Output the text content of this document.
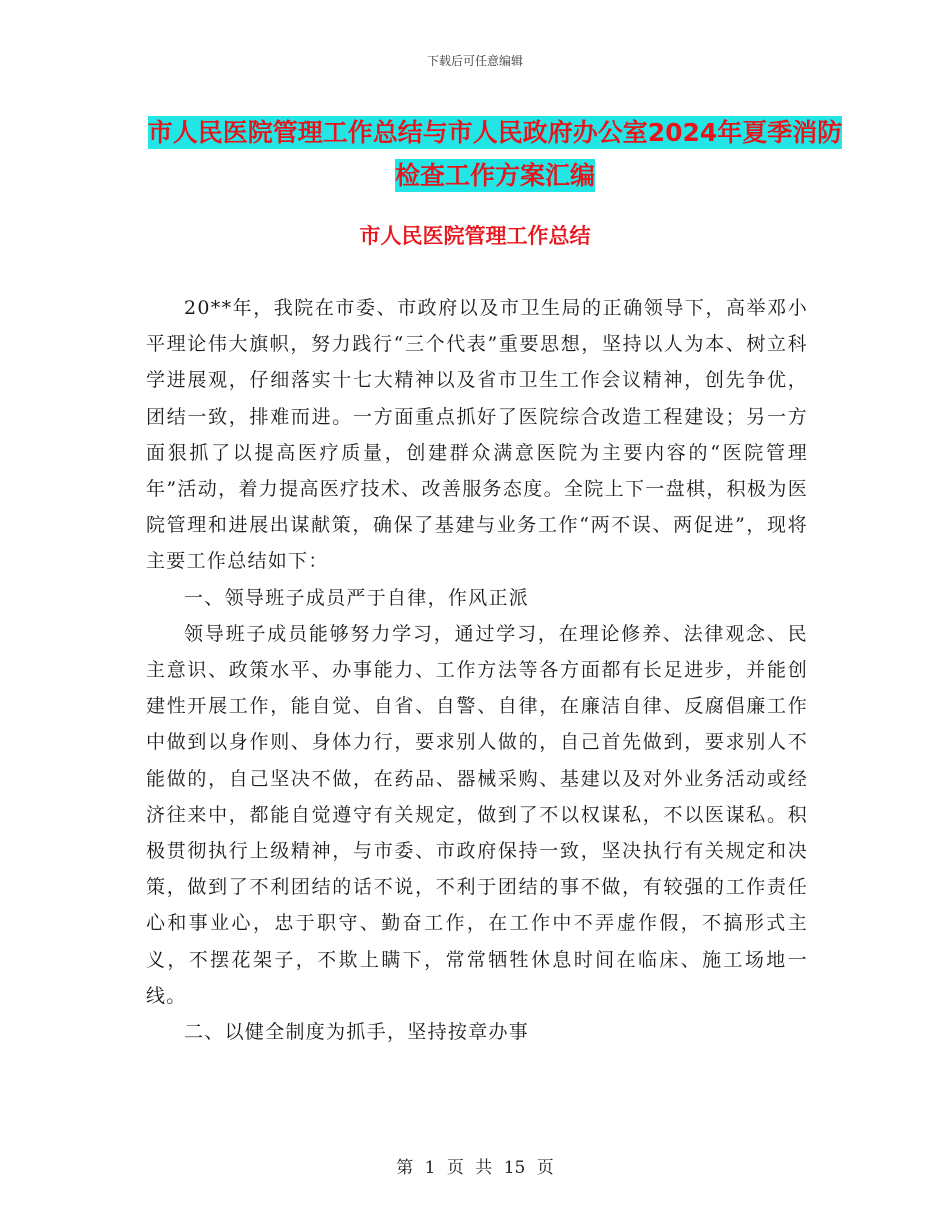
下载后可任意编辑
市人民医院管理工作总结与市人民政府办公室2024年夏季消防检查工作方案汇编
市人民医院管理工作总结

20**年，我院在市委、市政府以及市卫生局的正确领导下，高举邓小平理论伟大旗帜，努力践行“三个代表”重要思想，坚持以人为本、树立科学进展观，仔细落实十七大精神以及省市卫生工作会议精神，创先争优，团结一致，排难而进。一方面重点抓好了医院综合改造工程建设；另一方面狠抓了以提高医疗质量，创建群众满意医院为主要内容的“医院管理年”活动，着力提高医疗技术、改善服务态度。全院上下一盘棋，积极为医院管理和进展出谋献策，确保了基建与业务工作“两不误、两促进”，现将主要工作总结如下：

一、领导班子成员严于自律，作风正派

领导班子成员能够努力学习，通过学习，在理论修养、法律观念、民主意识、政策水平、办事能力、工作方法等各方面都有长足进步，并能创建性开展工作，能自觉、自省、自警、自律，在廉洁自律、反腐倡廉工作中做到以身作则、身体力行，要求别人做的，自己首先做到，要求别人不能做的，自己坚决不做，在药品、器械采购、基建以及对外业务活动或经济往来中，都能自觉遵守有关规定，做到了不以权谋私，不以医谋私。积极贯彻执行上级精神，与市委、市政府保持一致，坚决执行有关规定和决策，做到了不利团结的话不说，不利于团结的事不做，有较强的工作责任心和事业心，忠于职守、勤奋工作，在工作中不弄虚作假，不搞形式主义，不摆花架子，不欺上瞒下，常常牺牲休息时间在临床、施工场地一线。

二、以健全制度为抓手，坚持按章办事

第 1 页 共 15 页
